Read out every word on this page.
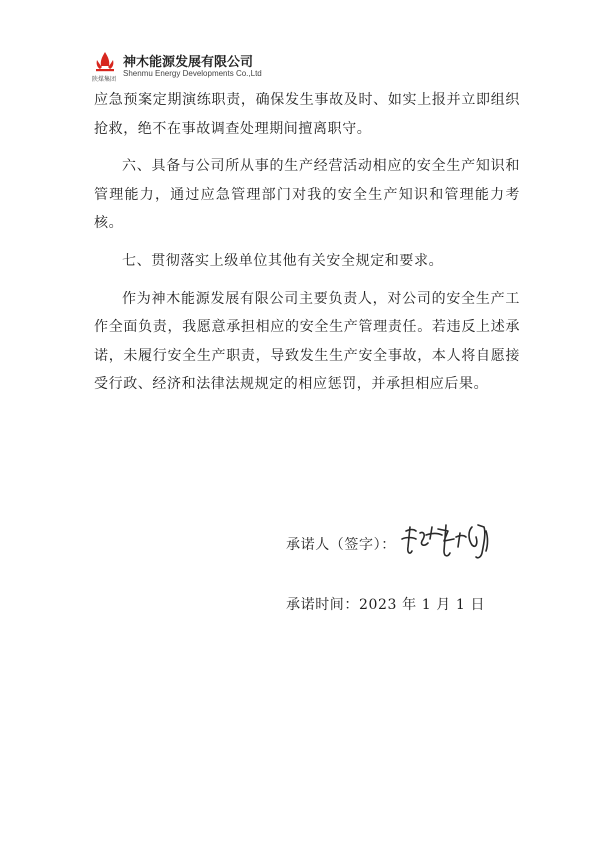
陕煤集团
神木能源发展有限公司
Shenmu Energy Developments Co.,Ltd

应急预案定期演练职责，确保发生事故及时、如实上报并立即组织抢救，绝不在事故调查处理期间擅离职守。

六、具备与公司所从事的生产经营活动相应的安全生产知识和管理能力，通过应急管理部门对我的安全生产知识和管理能力考核。

七、贯彻落实上级单位其他有关安全规定和要求。

作为神木能源发展有限公司主要负责人，对公司的安全生产工作全面负责，我愿意承担相应的安全生产管理责任。若违反上述承诺，未履行安全生产职责，导致发生生产安全事故，本人将自愿接受行政、经济和法律法规规定的相应惩罚，并承担相应后果。

承诺人（签字）：
承诺时间：2023 年 1 月 1 日
